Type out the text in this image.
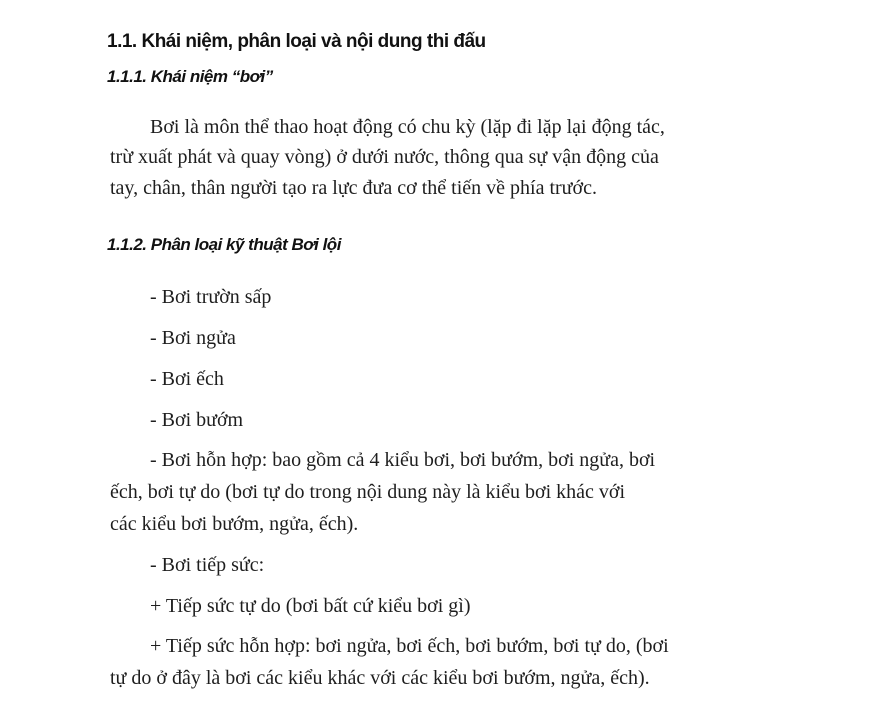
1.1. Khái niệm, phân loại và nội dung thi đấu
1.1.1. Khái niệm “bơi”
Bơi là môn thể thao hoạt động có chu kỳ (lặp đi lặp lại động tác,
trừ xuất phát và quay vòng) ở dưới nước, thông qua sự vận động của
tay, chân, thân người tạo ra lực đưa cơ thể tiến về phía trước.
1.1.2. Phân loại kỹ thuật Bơi lội
- Bơi trườn sấp
- Bơi ngửa
- Bơi ếch
- Bơi bướm
- Bơi hỗn hợp: bao gồm cả 4 kiểu bơi, bơi bướm, bơi ngửa, bơi
ếch, bơi tự do (bơi tự do trong nội dung này là kiểu bơi khác với
các kiểu bơi bướm, ngửa, ếch).
- Bơi tiếp sức:
+ Tiếp sức tự do (bơi bất cứ kiểu bơi gì)
+ Tiếp sức hỗn hợp: bơi ngửa, bơi ếch, bơi bướm, bơi tự do, (bơi
tự do ở đây là bơi các kiểu khác với các kiểu bơi bướm, ngửa, ếch).
